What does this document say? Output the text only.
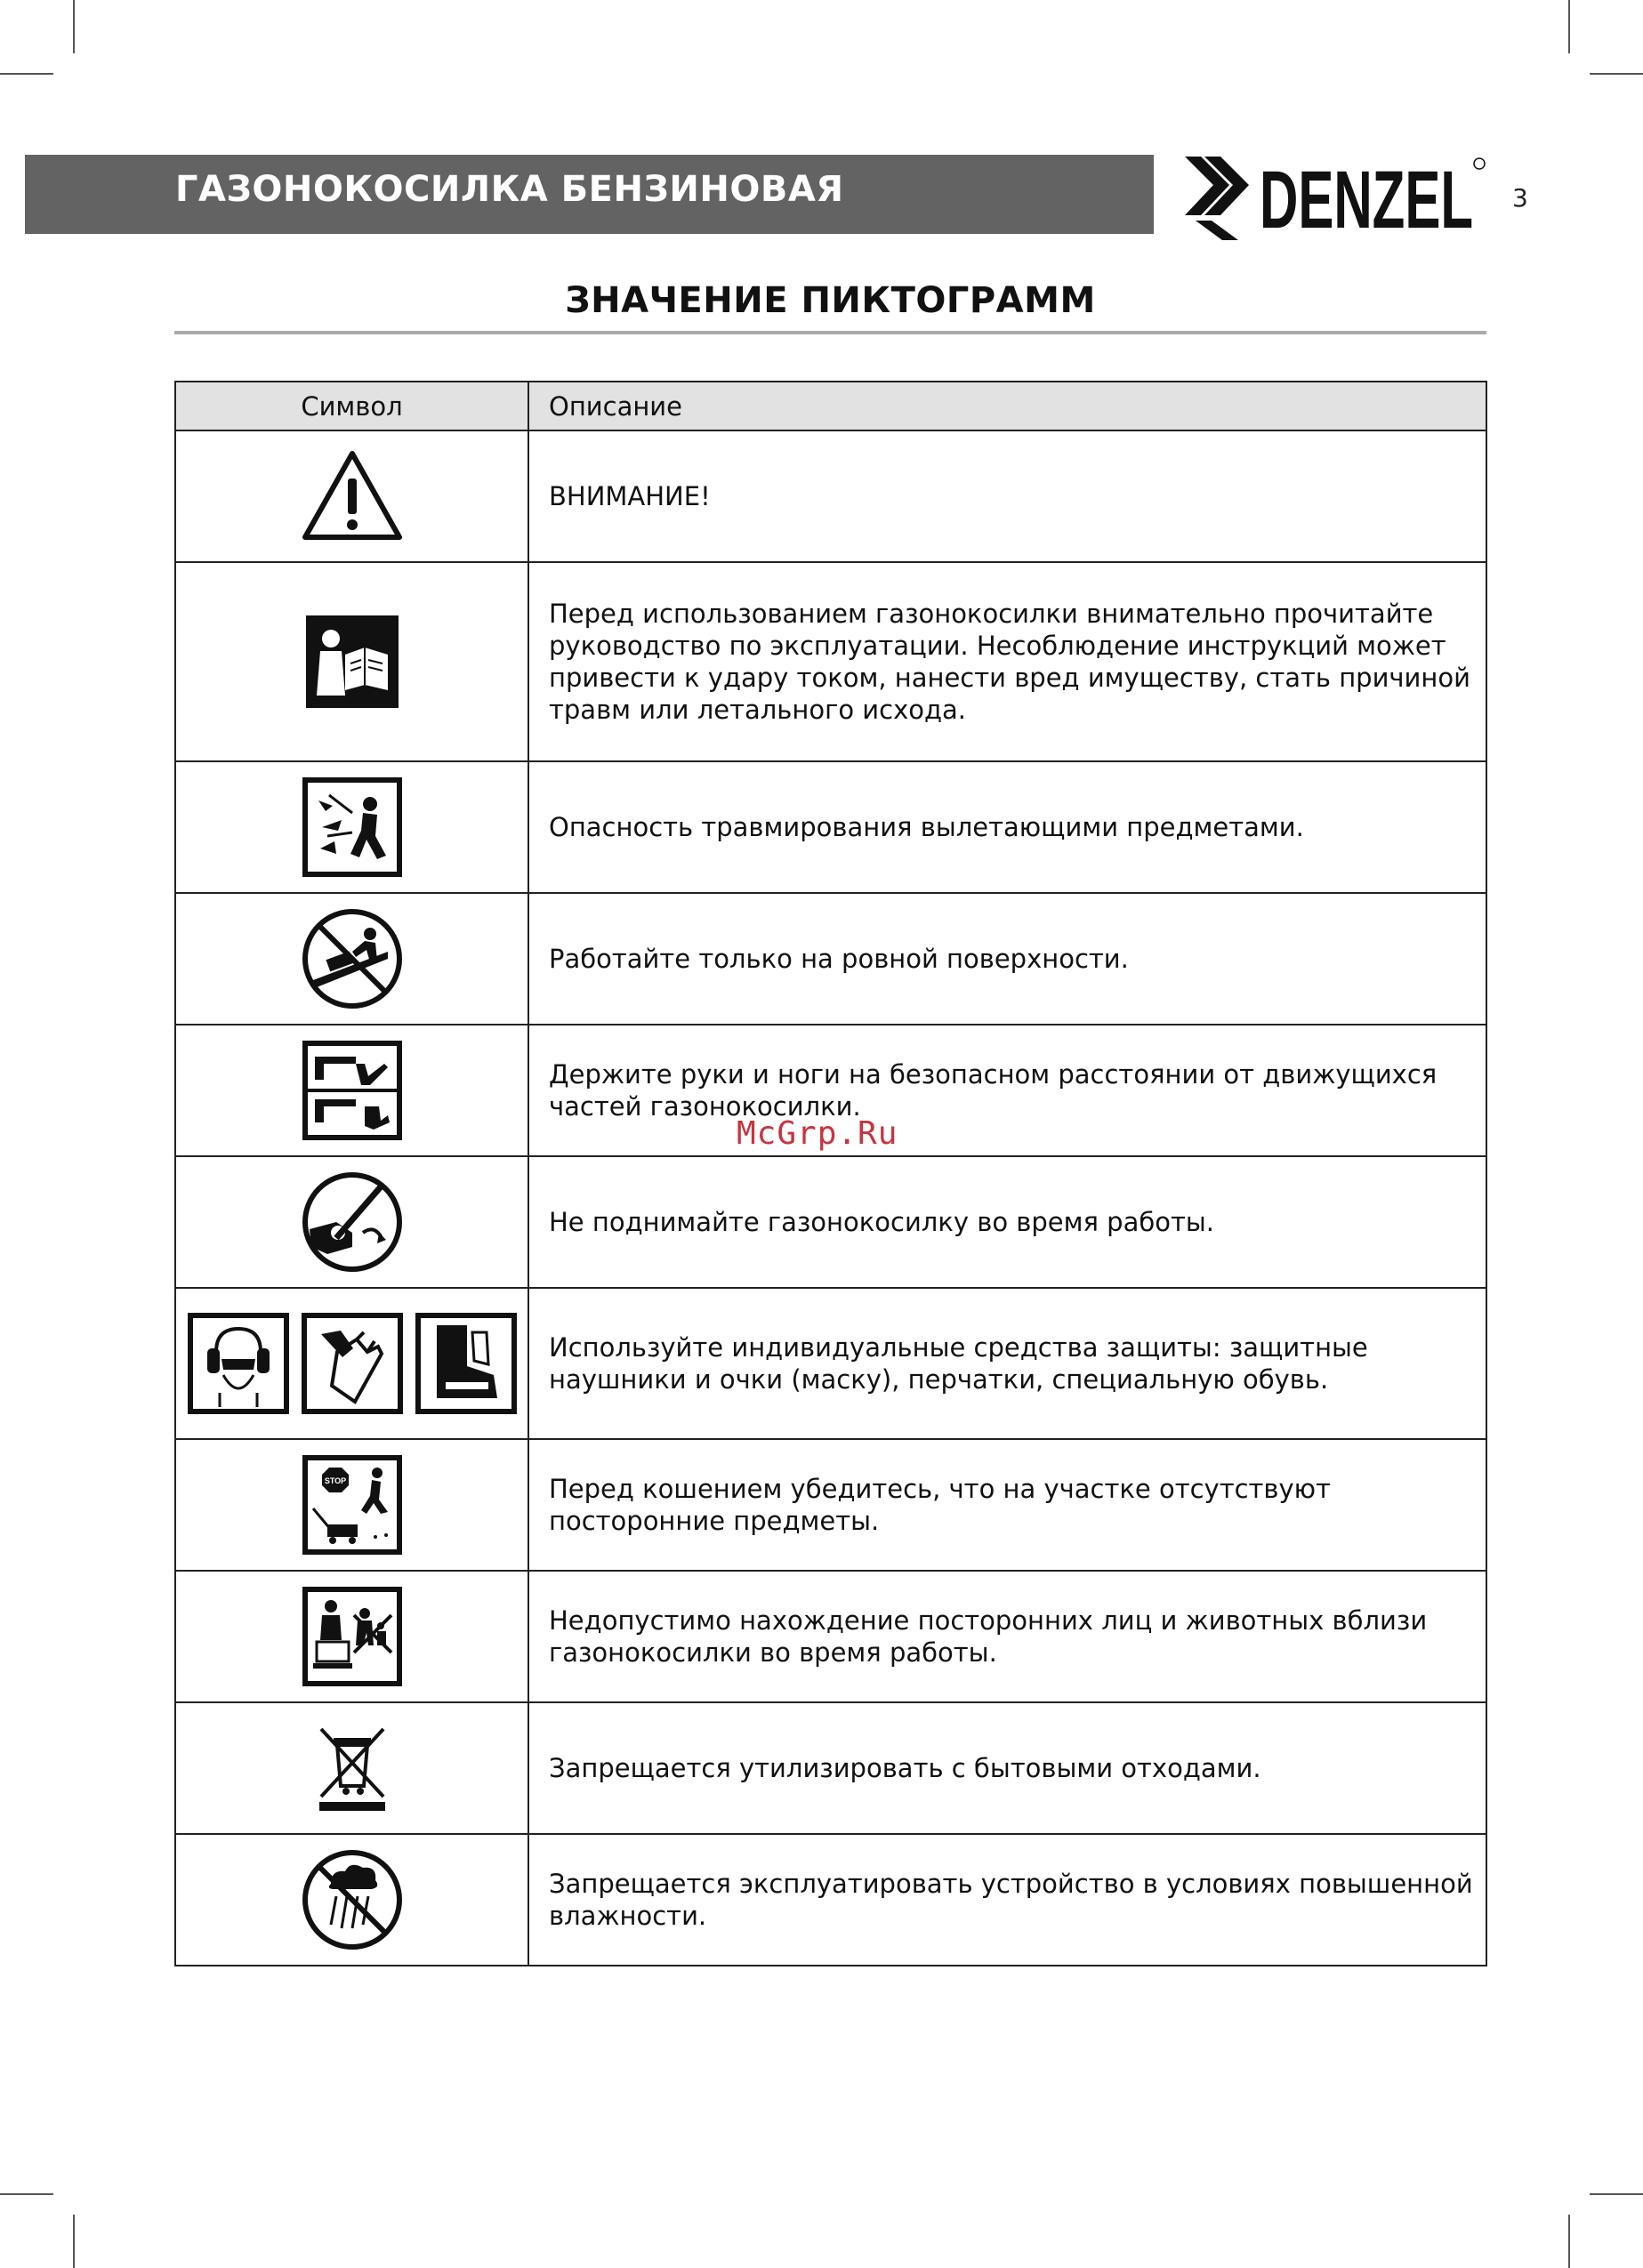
ГАЗОНОКОСИЛКА БЕНЗИНОВАЯ	DENZEL 3
ЗНАЧЕНИЕ ПИКТОГРАММ
Символ	Описание
	ВНИМАНИЕ!
	Перед использованием газонокосилки внимательно прочитайте руководство по эксплуатации. Несоблюдение инструкций может привести к удару током, нанести вред имуществу, стать причиной травм или летального исхода.
	Опасность травмирования вылетающими предметами.
	Работайте только на ровной поверхности.
	Держите руки и ноги на безопасном расстоянии от движущихся частей газонокосилки.
	Не поднимайте газонокосилку во время работы.
	Используйте индивидуальные средства защиты: защитные наушники и очки (маску), перчатки, специальную обувь.

STOP	Перед кошением убедитесь, что на участке отсутствуют посторонние предметы.
	Недопустимо нахождение посторонних лиц и животных вблизи газонокосилки во время работы.
	Запрещается утилизировать с бытовыми отходами.
	Запрещается эксплуатировать устройство в условиях повышенной влажности.
McGrp.Ru
